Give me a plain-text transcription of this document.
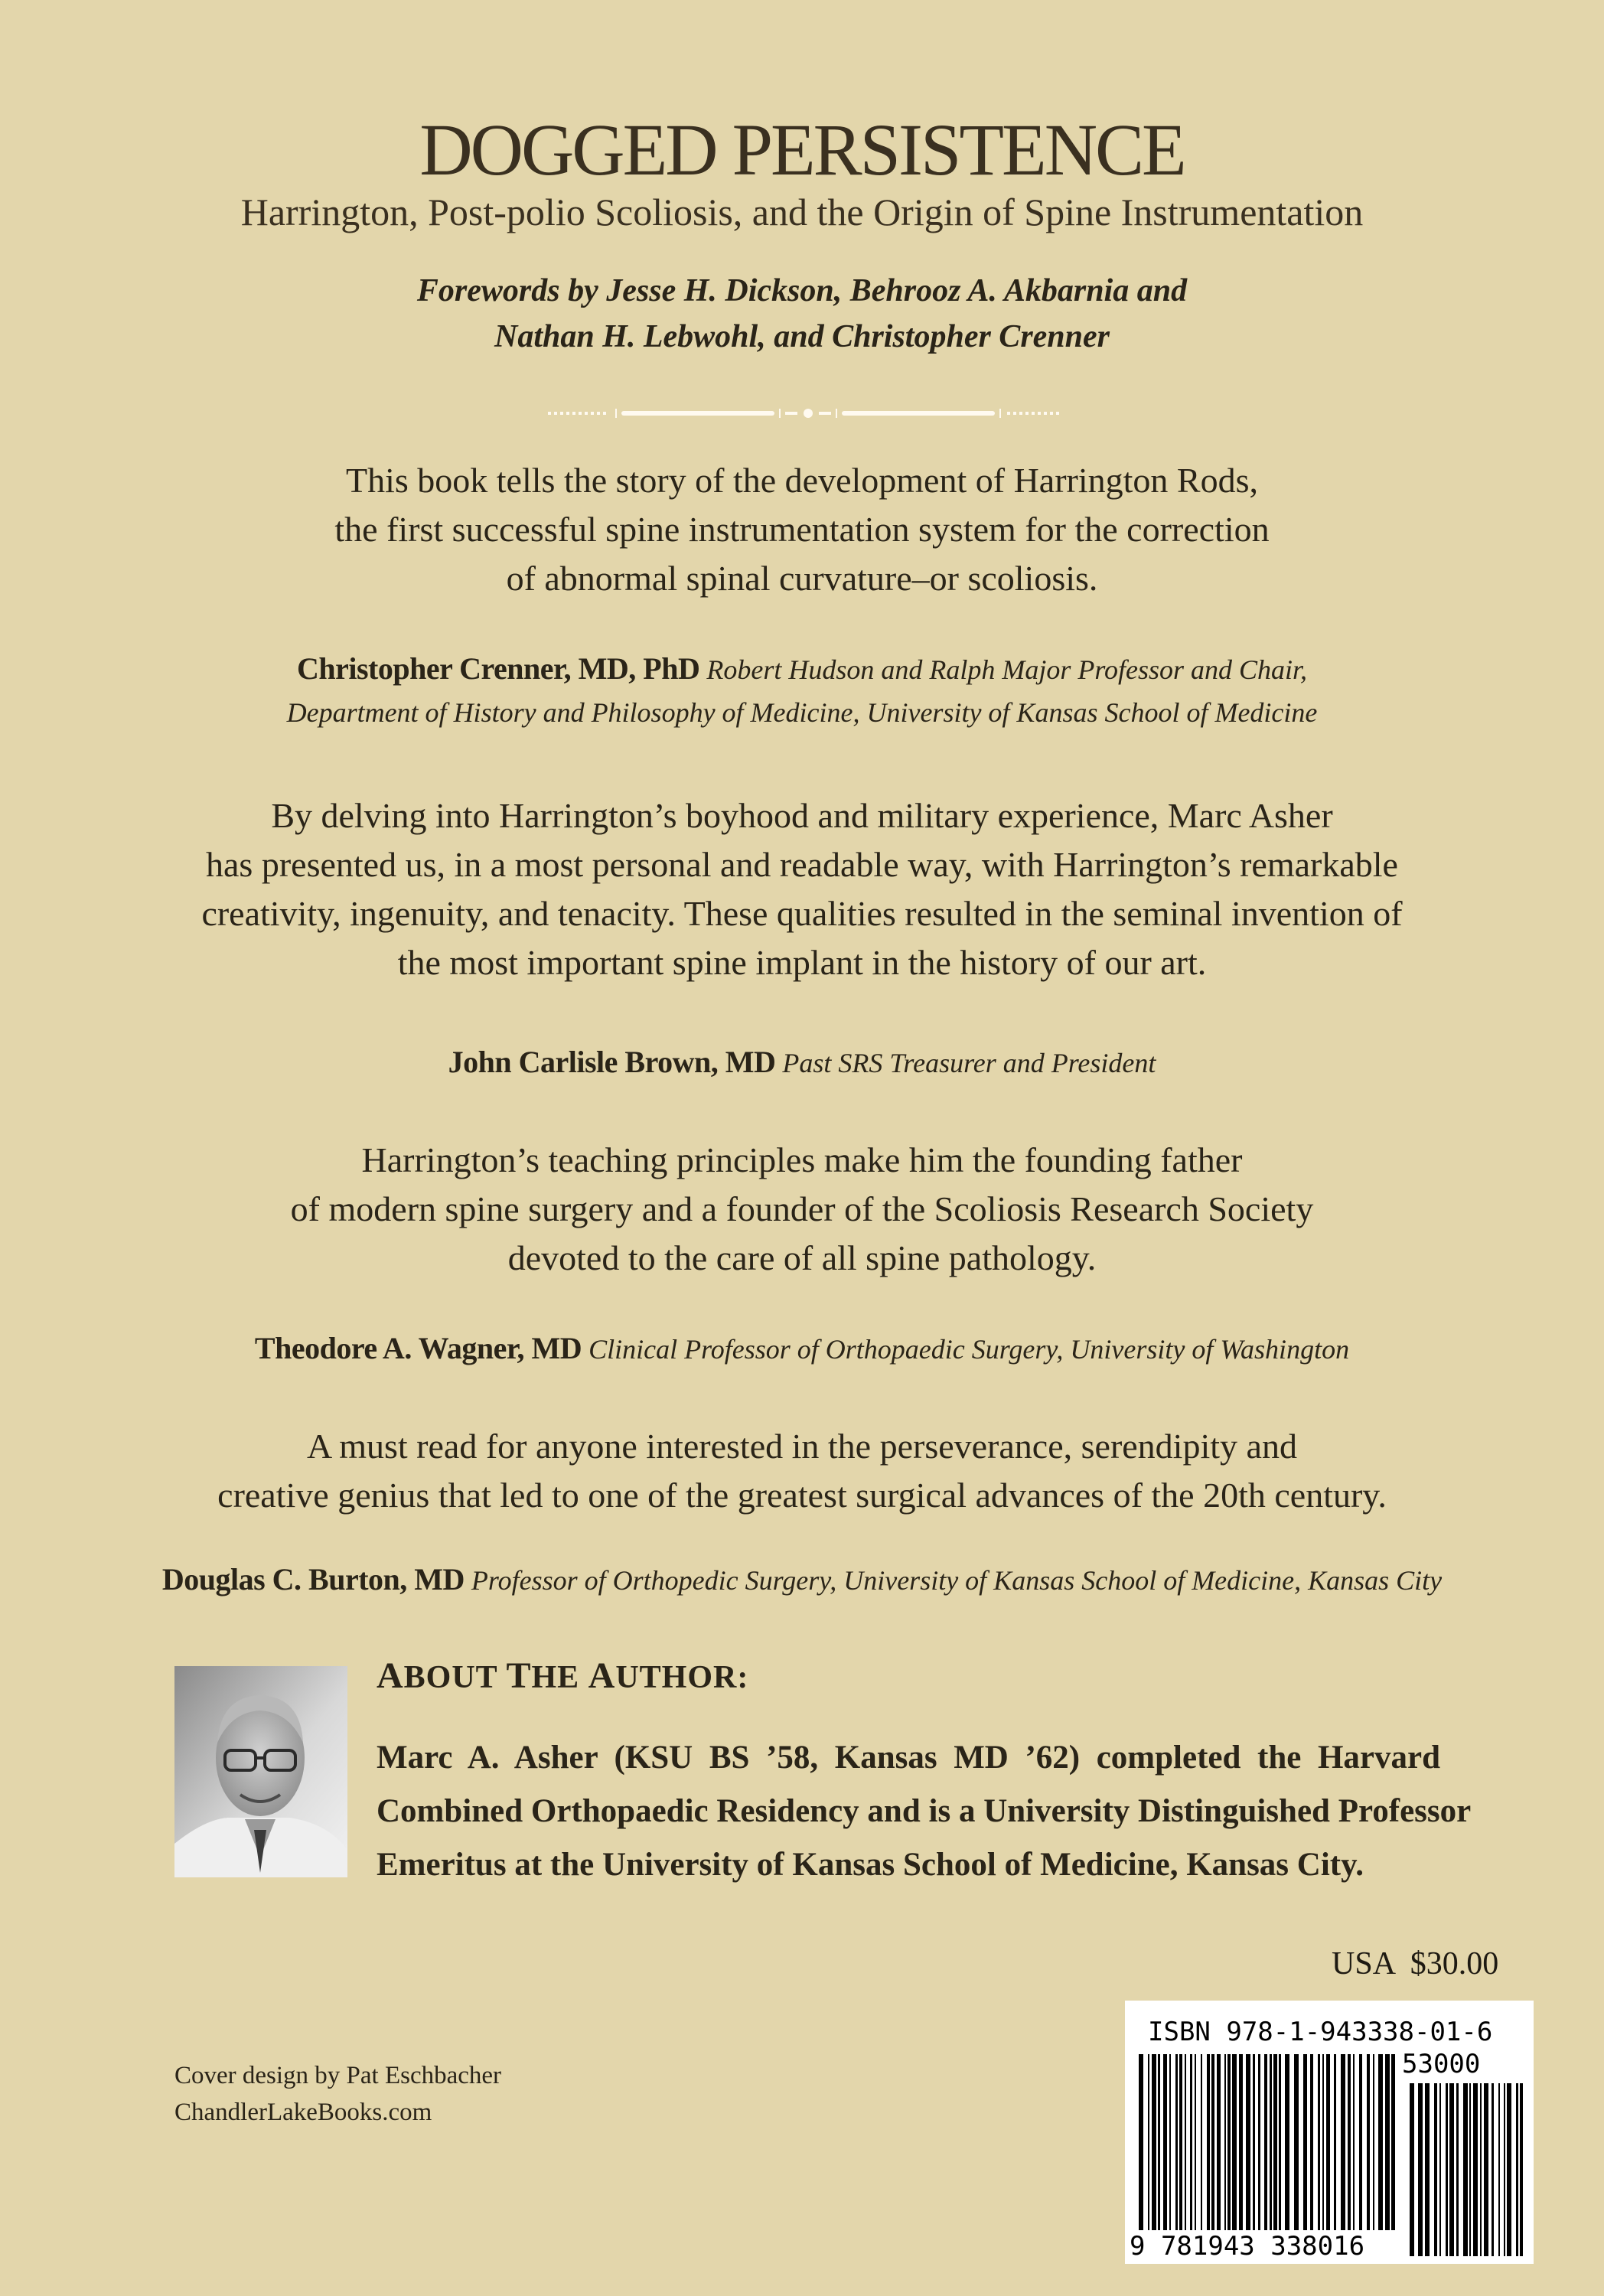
DOGGED PERSISTENCE
Harrington, Post-polio Scoliosis, and the Origin of Spine Instrumentation
Forewords by Jesse H. Dickson, Behrooz A. Akbarnia and
Nathan H. Lebwohl, and Christopher Crenner
This book tells the story of the development of Harrington Rods,
the first successful spine instrumentation system for the correction
of abnormal spinal curvature–or scoliosis.
Christopher Crenner, MD, PhD Robert Hudson and Ralph Major Professor and Chair,
Department of History and Philosophy of Medicine, University of Kansas School of Medicine
By delving into Harrington’s boyhood and military experience, Marc Asher
has presented us, in a most personal and readable way, with Harrington’s remarkable
creativity, ingenuity, and tenacity. These qualities resulted in the seminal invention of
the most important spine implant in the history of our art.
John Carlisle Brown, MD Past SRS Treasurer and President
Harrington’s teaching principles make him the founding father
of modern spine surgery and a founder of the Scoliosis Research Society
devoted to the care of all spine pathology.
Theodore A. Wagner, MD Clinical Professor of Orthopaedic Surgery, University of Washington
A must read for anyone interested in the perseverance, serendipity and
creative genius that led to one of the greatest surgical advances of the 20th century.
Douglas C. Burton, MD Professor of Orthopedic Surgery, University of Kansas School of Medicine, Kansas City
ABOUT THE AUTHOR:
Marc A. Asher (KSU BS ’58, Kansas MD ’62) completed the Harvard
Combined Orthopaedic Residency and is a University Distinguished Professor
Emeritus at the University of Kansas School of Medicine, Kansas City.
USA  $30.00
Cover design by Pat Eschbacher
ChandlerLakeBooks.com
ISBN 978-1-943338-01-6
53000
9 781943 338016
